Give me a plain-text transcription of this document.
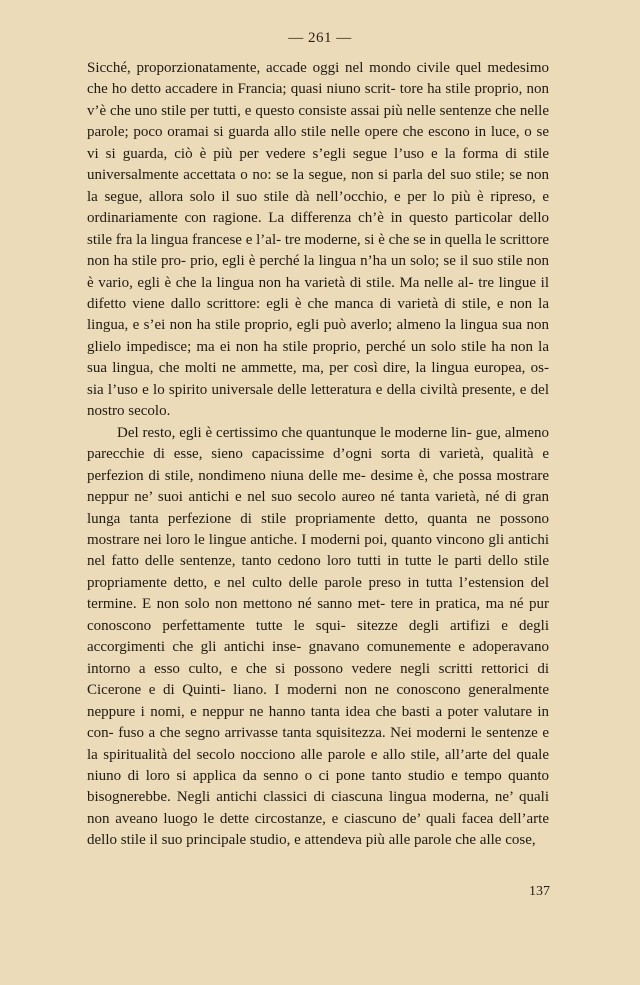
— 261 —

Sicché, proporzionatamente, accade oggi nel mondo civile quel medesimo che ho detto accadere in Francia; quasi niuno scrit- tore ha stile proprio, non v’è che uno stile per tutti, e questo consiste assai più nelle sentenze che nelle parole; poco oramai si guarda allo stile nelle opere che escono in luce, o se vi si guarda, ciò è più per vedere s’egli segue l’uso e la forma di stile universalmente accettata o no: se la segue, non si parla del suo stile; se non la segue, allora solo il suo stile dà nell’occhio, e per lo più è ripreso, e ordinariamente con ragione. La differenza ch’è in questo particolar dello stile fra la lingua francese e l’al- tre moderne, si è che se in quella le scrittore non ha stile pro- prio, egli è perché la lingua n’ha un solo; se il suo stile non è vario, egli è che la lingua non ha varietà di stile. Ma nelle al- tre lingue il difetto viene dallo scrittore: egli è che manca di varietà di stile, e non la lingua, e s’ei non ha stile proprio, egli può averlo; almeno la lingua sua non glielo impedisce; ma ei non ha stile proprio, perché un solo stile ha non la sua lingua, che molti ne ammette, ma, per così dire, la lingua europea, os- sia l’uso e lo spirito universale delle letteratura e della civiltà presente, e del nostro secolo.

Del resto, egli è certissimo che quantunque le moderne lin- gue, almeno parecchie di esse, sieno capacissime d’ogni sorta di varietà, qualità e perfezion di stile, nondimeno niuna delle me- desime è, che possa mostrare neppur ne’ suoi antichi e nel suo secolo aureo né tanta varietà, né di gran lunga tanta perfezione di stile propriamente detto, quanta ne possono mostrare nei loro le lingue antiche. I moderni poi, quanto vincono gli antichi nel fatto delle sentenze, tanto cedono loro tutti in tutte le parti dello stile propriamente detto, e nel culto delle parole preso in tutta l’estension del termine. E non solo non mettono né sanno met- tere in pratica, ma né pur conoscono perfettamente tutte le squi- sitezze degli artifizi e degli accorgimenti che gli antichi inse- gnavano comunemente e adoperavano intorno a esso culto, e che si possono vedere negli scritti rettorici di Cicerone e di Quinti- liano. I moderni non ne conoscono generalmente neppure i nomi, e neppur ne hanno tanta idea che basti a poter valutare in con- fuso a che segno arrivasse tanta squisitezza. Nei moderni le sentenze e la spiritualità del secolo nocciono alle parole e allo stile, all’arte del quale niuno di loro si applica da senno o ci pone tanto studio e tempo quanto bisognerebbe. Negli antichi classici di ciascuna lingua moderna, ne’ quali non aveano luogo le dette circostanze, e ciascuno de’ quali facea dell’arte dello stile il suo principale studio, e attendeva più alle parole che alle cose,

137
